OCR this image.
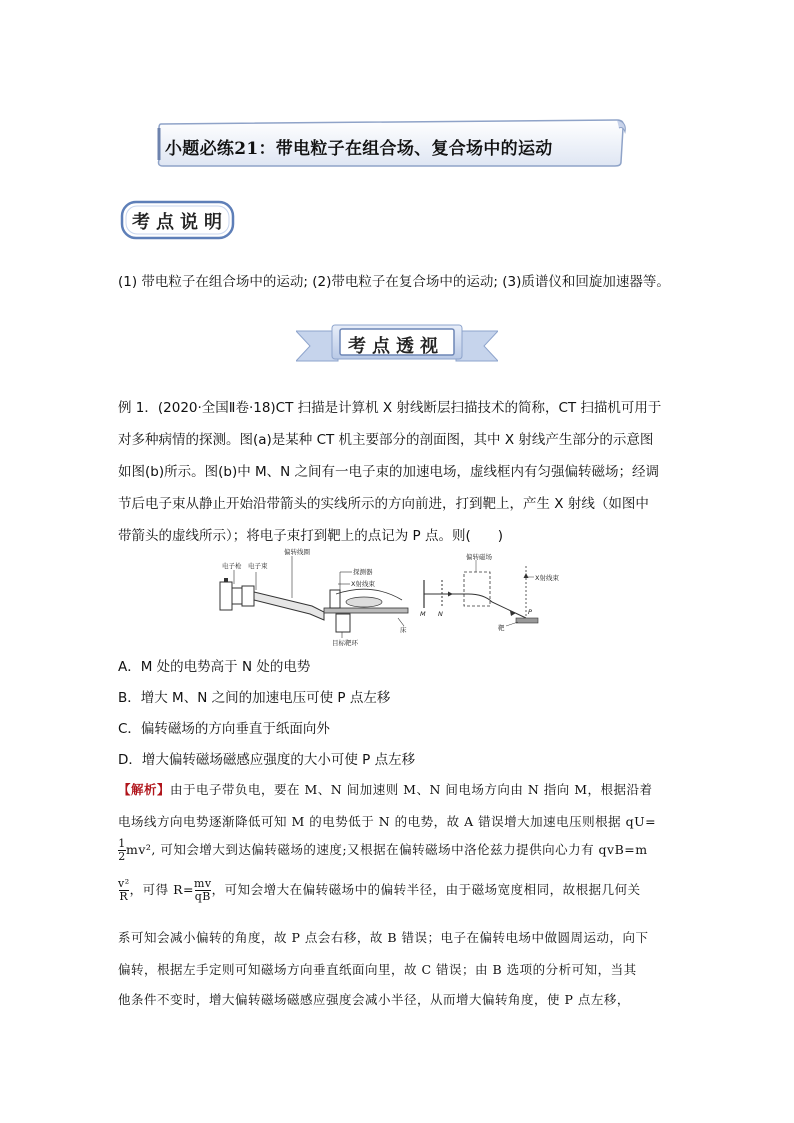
小题必练21：带电粒子在组合场、复合场中的运动
考点说明
(1) 带电粒子在组合场中的运动; (2)带电粒子在复合场中的运动; (3)质谱仪和回旋加速器等。
考点透视
例 1．(2020·全国Ⅱ卷·18)CT 扫描是计算机 X 射线断层扫描技术的简称，CT 扫描机可用于
对多种病情的探测。图(a)是某种 CT 机主要部分的剖面图，其中 X 射线产生部分的示意图
如图(b)所示。图(b)中 M、N 之间有一电子束的加速电场，虚线框内有匀强偏转磁场；经调
节后电子束从静止开始沿带箭头的实线所示的方向前进，打到靶上，产生 X 射线（如图中
带箭头的虚线所示）；将电子束打到靶上的点记为 P 点。则(　　)
偏转线圈
探测器
X射线束
电子枪 电子束
床
目标靶环
偏转磁场
X射线束
M N	P
靶
A．M 处的电势高于 N 处的电势
B．增大 M、N 之间的加速电压可使 P 点左移
C．偏转磁场的方向垂直于纸面向外
D．增大偏转磁场磁感应强度的大小可使 P 点左移
【解析】由于电子带负电，要在 M、N 间加速则 M、N 间电场方向由 N 指向 M，根据沿着
电场线方向电势逐渐降低可知 M 的电势低于 N 的电势，故 A 错误增大加速电压则根据 qU=
$\frac{1}{2}mv^2$, 可知会增大到达偏转磁场的速度;又根据在偏转磁场中洛伦兹力提供向心力有 qvB=m
$\frac{\text{v²}}{R}$，可得 $R=\frac{mv}{qB}$，可知会增大在偏转磁场中的偏转半径，由于磁场宽度相同，故根据几何关
系可知会减小偏转的角度，故 P 点会右移，故 B 错误；电子在偏转电场中做圆周运动，向下
偏转，根据左手定则可知磁场方向垂直纸面向里，故 C 错误；由 B 选项的分析可知，当其
他条件不变时，增大偏转磁场磁感应强度会减小半径，从而增大偏转角度，使 P 点左移，
